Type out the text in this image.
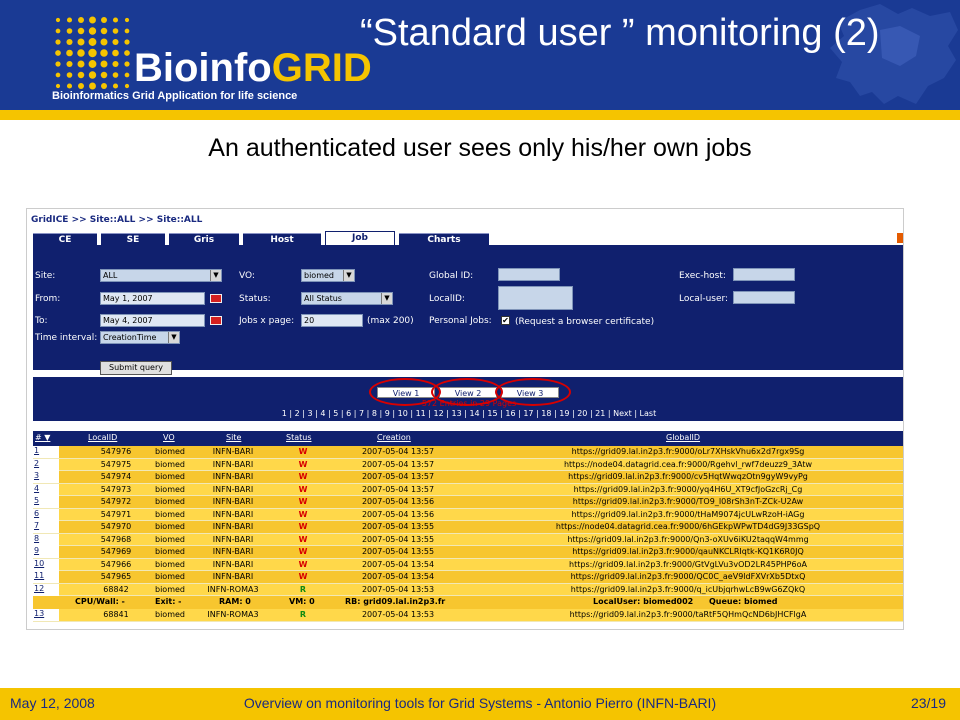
BioinfoGRID
Bioinformatics Grid Application for life science
“Standard user ” monitoring (2)
An authenticated user sees only his/her own jobs
GridICE >> Site::ALL >> Site::ALL
CE	SE	Gris	Host	Job	Charts
Site:	ALL	▼
From:	May 1, 2007
To:	May 4, 2007
Time interval: CreationTime	▼
Submit query
VO:	biomed	▼
Status:	All Status	▼
Jobs x page:	20	(max 200)
Global ID:
LocalID:
Personal Jobs: ✔ (Request a browser certificate)
Exec-host:
Local-user:
View 1	View 2	View 3
572 Entries in 29 Pages
1 | 2 | 3 | 4 | 5 | 6 | 7 | 8 | 9 | 10 | 11 | 12 | 13 | 14 | 15 | 16 | 17 | 18 | 19 | 20 | 21 | Next | Last
# ▼	LocalID	VO	Site	Status	Creation	GlobalID
1	547976	biomed	INFN-BARI	W	2007-05-04 13:57	https://grid09.lal.in2p3.fr:9000/oLr7XHskVhu6x2d7rgx9Sg
2	547975	biomed	INFN-BARI	W	2007-05-04 13:57	https://node04.datagrid.cea.fr:9000/Rgehvl_rwf7deuzz9_3Atw
3	547974	biomed	INFN-BARI	W	2007-05-04 13:57	https://grid09.lal.in2p3.fr:9000/cv5HqtWwqzOtn9gyW9vyPg
4	547973	biomed	INFN-BARI	W	2007-05-04 13:57	https://grid09.lal.in2p3.fr:9000/yq4H6U_XT9cfJoGzcRj_Cg
5	547972	biomed	INFN-BARI	W	2007-05-04 13:56	https://grid09.lal.in2p3.fr:9000/TO9_I08rSh3nT-ZCk-U2Aw
6	547971	biomed	INFN-BARI	W	2007-05-04 13:56	https://grid09.lal.in2p3.fr:9000/tHaM9074jcULwRzoH-iAGg
7	547970	biomed	INFN-BARI	W	2007-05-04 13:55	https://node04.datagrid.cea.fr:9000/6hGEkpWPwTD4dG9J33GSpQ
8	547968	biomed	INFN-BARI	W	2007-05-04 13:55	https://grid09.lal.in2p3.fr:9000/Qn3-oXUv6iKU2taqqW4mmg
9	547969	biomed	INFN-BARI	W	2007-05-04 13:55	https://grid09.lal.in2p3.fr:9000/qauNKCLRIqtk-KQ1K6R0JQ
10	547966	biomed	INFN-BARI	W	2007-05-04 13:54	https://grid09.lal.in2p3.fr:9000/GtVgLVu3vOD2LR45PHP6oA
11	547965	biomed	INFN-BARI	W	2007-05-04 13:54	https://grid09.lal.in2p3.fr:9000/QC0C_aeV9ldFXVrXb5DtxQ
12	68842	biomed	INFN-ROMA3	R	2007-05-04 13:53	https://grid09.lal.in2p3.fr:9000/q_icUbjqrhwLcB9wG6ZQkQ
CPU/Wall: -	Exit: -	RAM: 0	VM: 0	RB: grid09.lal.in2p3.fr	LocalUser: biomed002 Queue: biomed
13	68841	biomed	INFN-ROMA3	R	2007-05-04 13:53	https://grid09.lal.in2p3.fr:9000/taRtF5QHmQcND6bJHCFlgA
Overview on monitoring tools for Grid Systems - Antonio Pierro (INFN-BARI)
May 12, 2008	23/19
